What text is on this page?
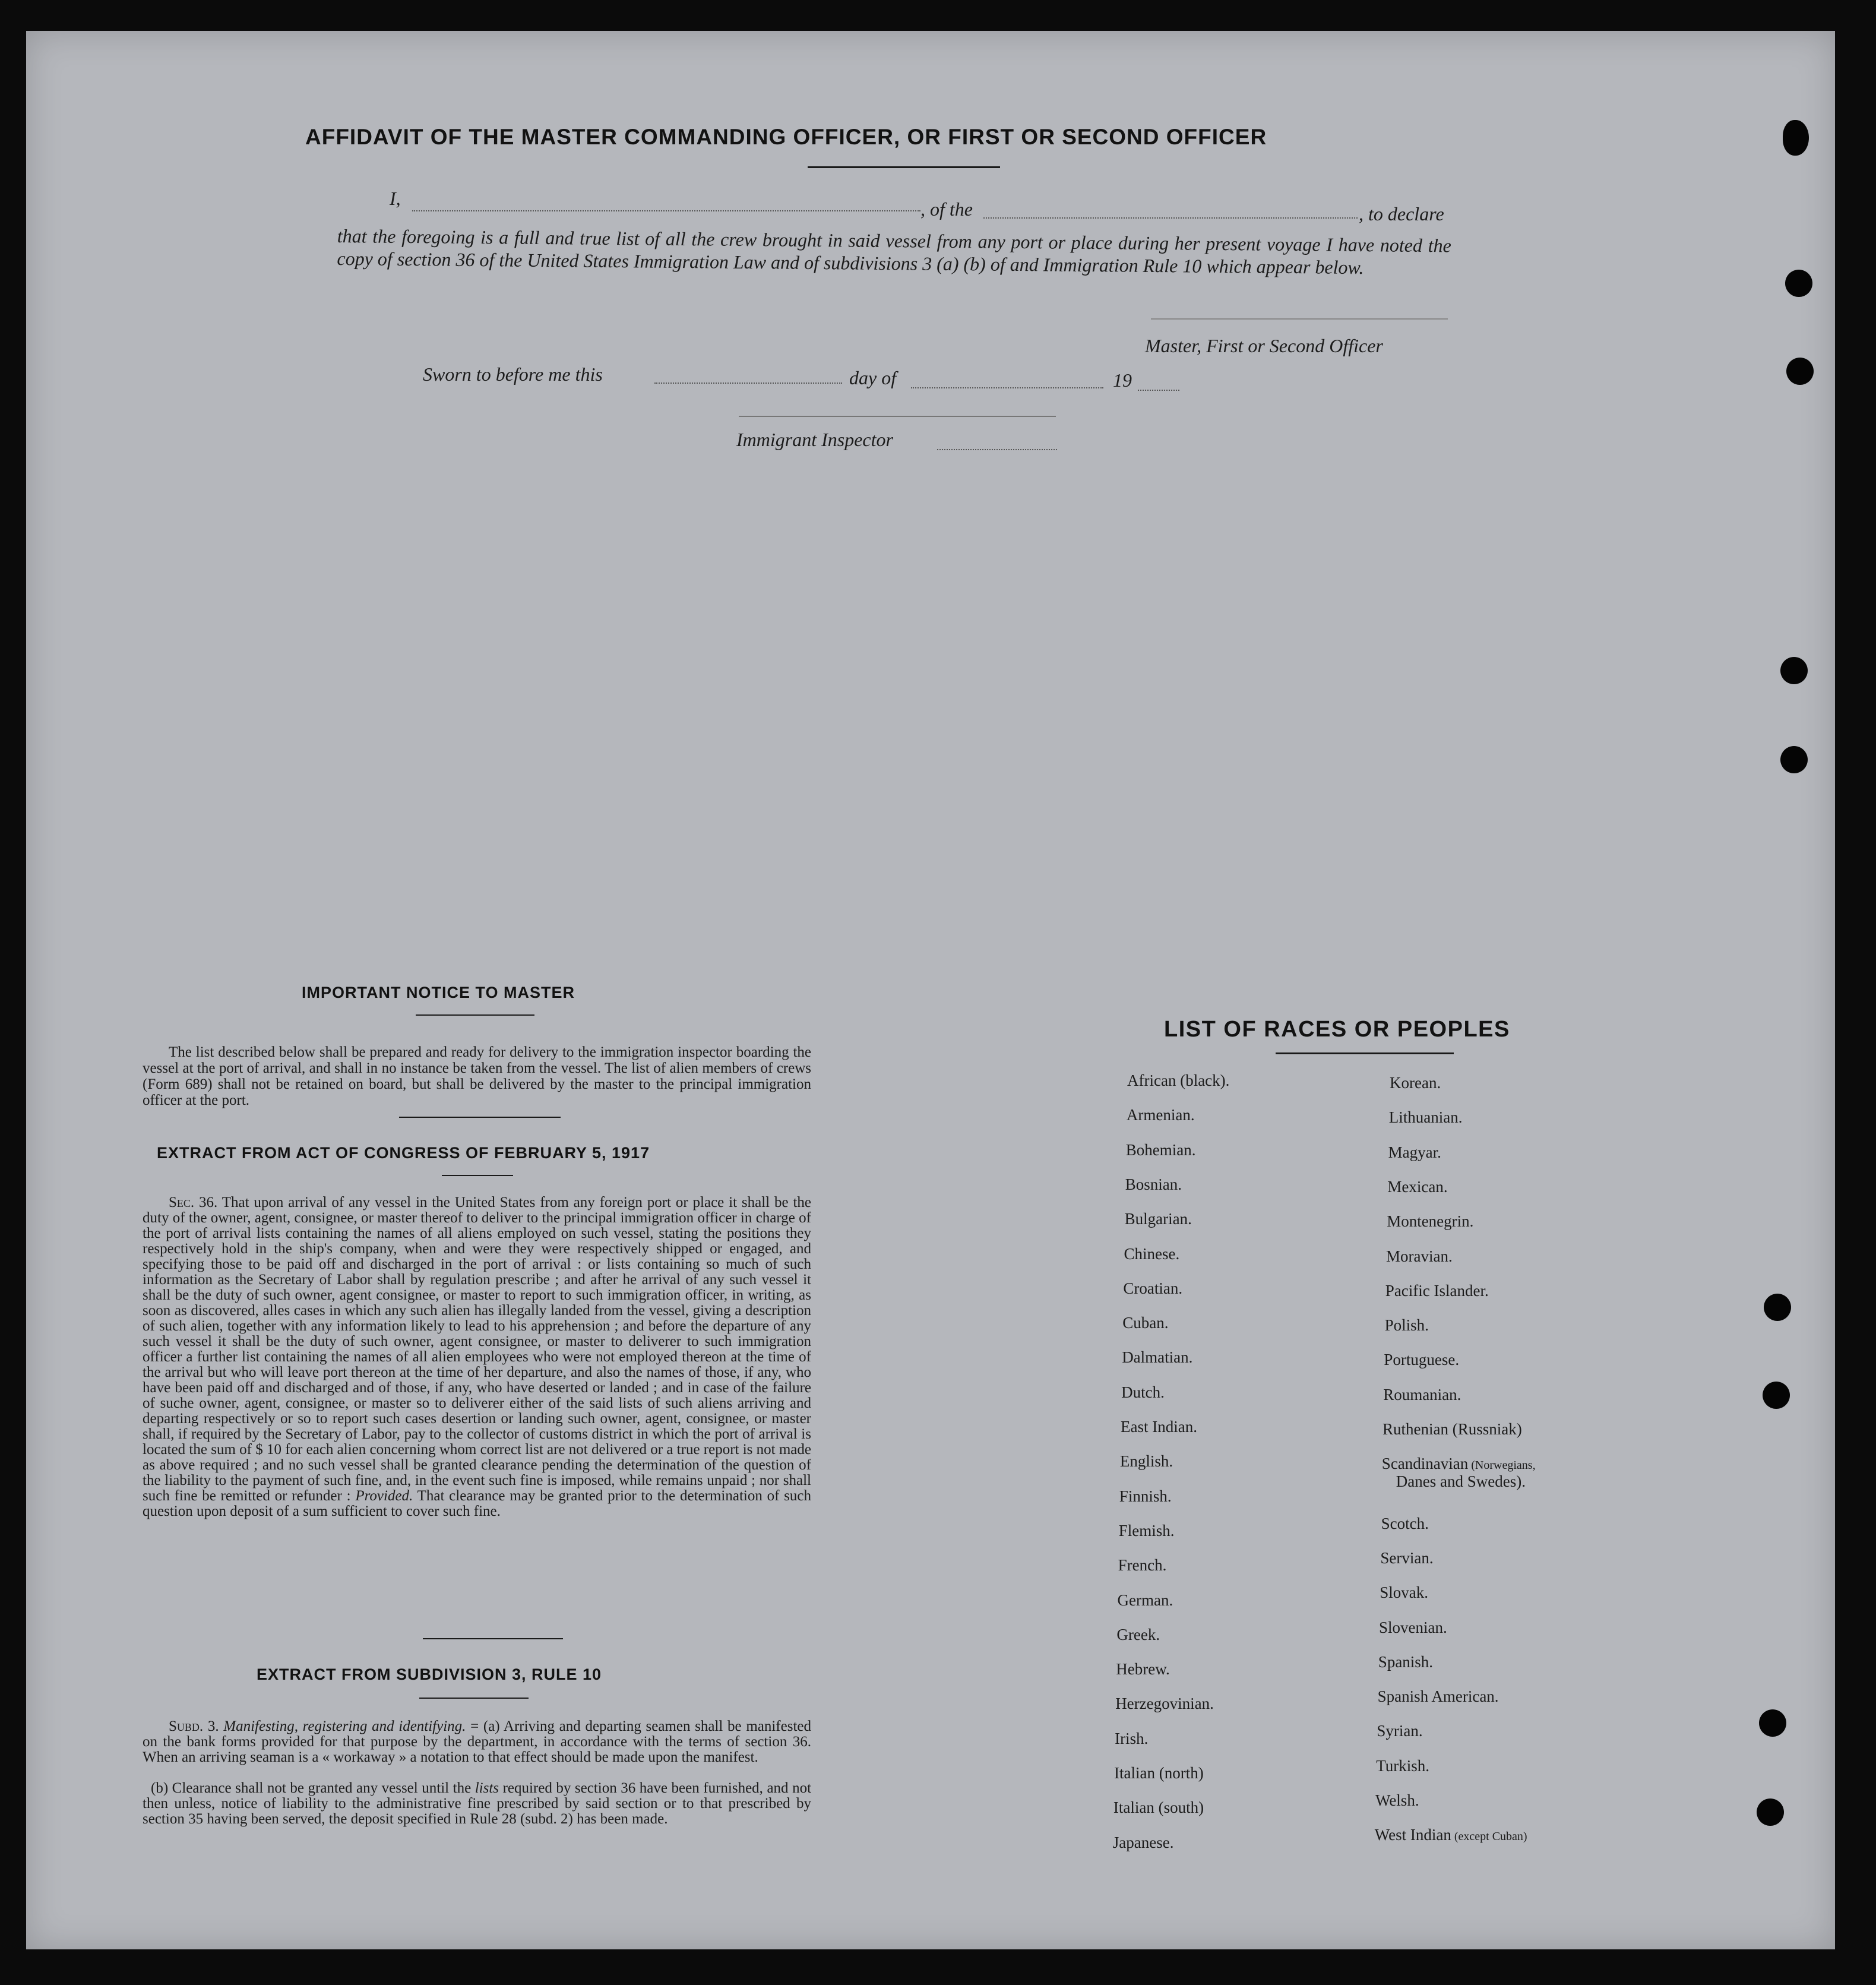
AFFIDAVIT OF THE MASTER COMMANDING OFFICER, OR FIRST OR SECOND OFFICER
I,	, of the	, to declare
that the foregoing is a full and true list of all the crew brought in said vessel from any port or place during her present voyage I have noted the copy of section 36 of the United States Immigration Law and of subdivisions 3 (a) (b) of and Immigration Rule 10 which appear below.
Master, First or Second Officer
Sworn to before me this	day of	19
Immigrant Inspector
IMPORTANT NOTICE TO MASTER
The list described below shall be prepared and ready for delivery to the immigration inspector boarding the vessel at the port of arrival, and shall in no instance be taken from the vessel. The list of alien members of crews (Form 689) shall not be retained on board, but shall be delivered by the master to the principal immigration officer at the port.
EXTRACT FROM ACT OF CONGRESS OF FEBRUARY 5, 1917
Sec. 36. That upon arrival of any vessel in the United States from any foreign port or place it shall be the duty of the owner, agent, consignee, or master thereof to deliver to the principal immigration officer in charge of the port of arrival lists containing the names of all aliens employed on such vessel, stating the positions they respectively hold in the ship's company, when and were they were respectively shipped or engaged, and specifying those to be paid off and discharged in the port of arrival : or lists containing so much of such information as the Secretary of Labor shall by regulation prescribe ; and after he arrival of any such vessel it shall be the duty of such owner, agent consignee, or master to report to such immigration officer, in writing, as soon as discovered, alles cases in which any such alien has illegally landed from the vessel, giving a description of such alien, together with any information likely to lead to his apprehension ; and before the departure of any such vessel it shall be the duty of such owner, agent consignee, or master to deliverer to such immigration officer a further list containing the names of all alien employees who were not employed thereon at the time of the arrival but who will leave port thereon at the time of her departure, and also the names of those, if any, who have been paid off and discharged and of those, if any, who have deserted or landed ; and in case of the failure of suche owner, agent, consignee, or master so to deliverer either of the said lists of such aliens arriving and departing respectively or so to report such cases desertion or landing such owner, agent, consignee, or master shall, if required by the Secretary of Labor, pay to the collector of customs district in which the port of arrival is located the sum of $ 10 for each alien concerning whom correct list are not delivered or a true report is not made as above required ; and no such vessel shall be granted clearance pending the determination of the question of the liability to the payment of such fine, and, in the event such fine is imposed, while remains unpaid ; nor shall such fine be remitted or refunder : Provided. That clearance may be granted prior to the determination of such question upon deposit of a sum sufficient to cover such fine.
EXTRACT FROM SUBDIVISION 3, RULE 10
Subd. 3. Manifesting, registering and identifying. = (a) Arriving and departing seamen shall be manifested on the bank forms provided for that purpose by the department, in accordance with the terms of section 36. When an arriving seaman is a « workaway » a notation to that effect should be made upon the manifest.
(b) Clearance shall not be granted any vessel until the lists required by section 36 have been furnished, and not then unless, notice of liability to the administrative fine prescribed by said section or to that prescribed by section 35 having been served, the deposit specified in Rule 28 (subd. 2) has been made.
LIST OF RACES OR PEOPLES
African (black).
Armenian.
Bohemian.
Bosnian.
Bulgarian.
Chinese.
Croatian.
Cuban.
Dalmatian.
Dutch.
East Indian.
English.
Finnish.
Flemish.
French.
German.
Greek.
Hebrew.
Herzegovinian.
Irish.
Italian (north)
Italian (south)
Japanese.
Korean.
Lithuanian.
Magyar.
Mexican.
Montenegrin.
Moravian.
Pacific Islander.
Polish.
Portuguese.
Roumanian.
Ruthenian (Russniak)
Scandinavian (Norwegians,
Danes and Swedes).
Scotch.
Servian.
Slovak.
Slovenian.
Spanish.
Spanish American.
Syrian.
Turkish.
Welsh.
West Indian (except Cuban)
